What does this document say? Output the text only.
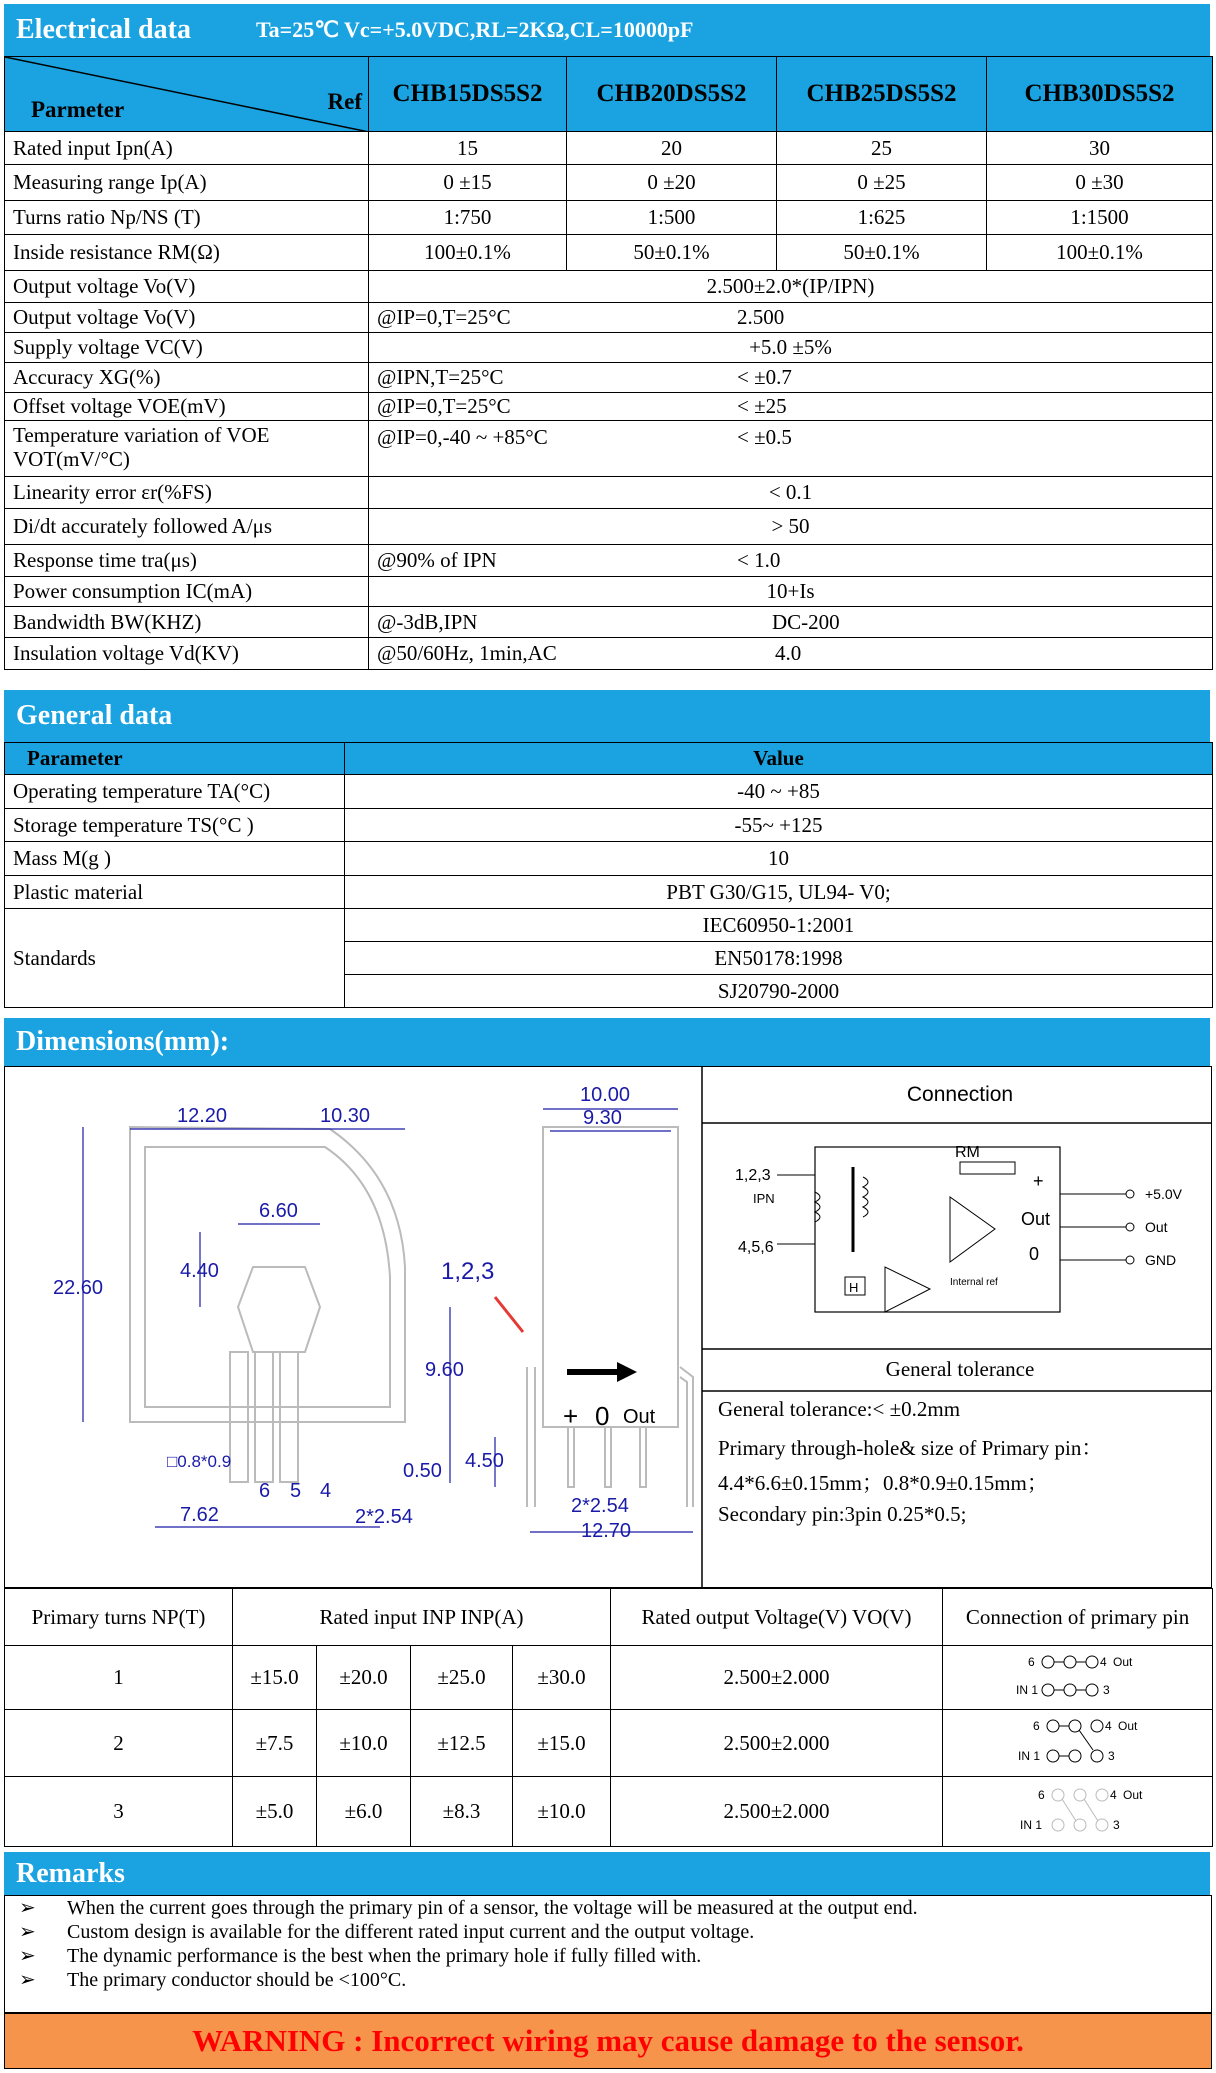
Electrical data	Ta=25℃ Vc=+5.0VDC,RL=2KΩ,CL=10000pF
Parmeter Ref	CHB15DS5S2	CHB20DS5S2	CHB25DS5S2	CHB30DS5S2
Rated input Ipn(A)	15	20	25	30
Measuring range Ip(A)	0 ±15	0 ±20	0 ±25	0 ±30
Turns ratio Np/NS (T)	1:750	1:500	1:625	1:1500
Inside resistance RM(Ω)	100±0.1%	50±0.1%	50±0.1%	100±0.1%
Output voltage Vo(V)	2.500±2.0*(IP/IPN)			
Output voltage Vo(V)	@IP=0,T=25°C 2.500			
Supply voltage VC(V)	+5.0 ±5%			
Accuracy XG(%)	@IPN,T=25°C < ±0.7			
Offset voltage VOE(mV)	@IP=0,T=25°C < ±25			

Temperature variation of VOE
VOT(mV/°C)	@IP=0,-40 ~ +85°C < ±0.5			
Linearity error εr(%FS)	< 0.1			
Di/dt accurately followed A/μs	> 50			
Response time tra(μs)	@90% of IPN < 1.0			
Power consumption IC(mA)	10+Is			
Bandwidth BW(KHZ)	@-3dB,IPN DC-200			
Insulation voltage Vd(KV)	@50/60Hz, 1min,AC 4.0			
General data
Parameter	Value
Operating temperature TA(°C)	-40 ~ +85
Storage temperature TS(°C )	-55~ +125
Mass M(g )	10
Plastic material	PBT G30/G15, UL94- V0;
Standards	IEC60950-1:2001
	EN50178:1998
	SJ20790-2000
Dimensions(mm):
+ 0 Out
12.20	10.30
10.00
9.30
6.60
4.40
22.60
9.60
1,2,3
□0.8*0.9
6 5 4
0.50 4.50
7.62	2*2.54	2*2.54
12.70
1,2,3
IPN
4,5,6
RM
+
Out
0
H	Internal ref
+5.0V
Out
GND
Connection
General tolerance
General tolerance:< ±0.2mm
Primary through-hole& size of Primary pin：
4.4*6.6±0.15mm；0.8*0.9±0.15mm；
Secondary pin:3pin 0.25*0.5;
Primary turns NP(T)	Rated input INP INP(A)				Rated output Voltage(V) VO(V)	Connection of primary pin
1	±15.0	±20.0	±25.0	±30.0	2.500±2.000	6 4 Out
IN 1 3

2	±7.5	±10.0	±12.5	±15.0	2.500±2.000	6 4 Out
IN 1 3

3	±5.0	±6.0	±8.3	±10.0	2.500±2.000	6 4 Out
IN 1 3
Remarks
➢ When the current goes through the primary pin of a sensor, the voltage will be measured at the output end.
➢ Custom design is available for the different rated input current and the output voltage.
➢ The dynamic performance is the best when the primary hole if fully filled with.
➢ The primary conductor should be <100°C.
WARNING : Incorrect wiring may cause damage to the sensor.
